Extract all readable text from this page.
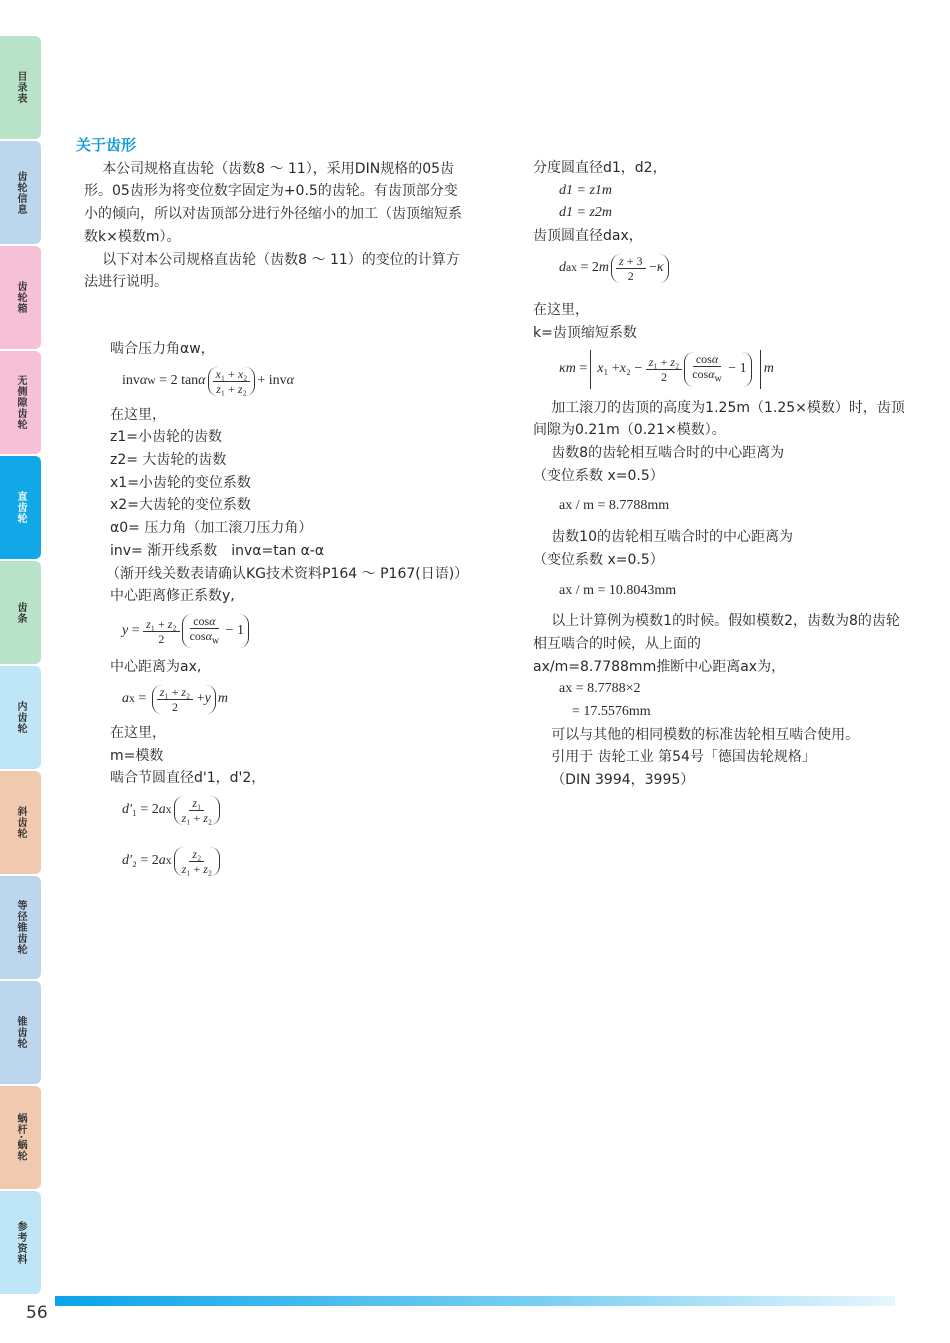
目录表
齿轮信息
齿轮箱
无侧隙齿轮
直齿轮
齿条
内齿轮
斜齿轮
等径锥齿轮
锥齿轮
蜗杆·蜗轮
参考资料
关于齿形

本公司规格直齿轮（齿数8 ～ 11），采用DIN规格的05齿形。05齿形为将变位数字固定为+0.5的齿轮。有齿顶部分变小的倾向，所以对齿顶部分进行外径缩小的加工（齿顶缩短系数k×模数m）。

以下对本公司规格直齿轮（齿数8 ～ 11）的变位的计算方法进行说明。

啮合压力角αw，
inv α w = 2 tan α $\frac{\text{x₁ + x₂}}{\text{z₁ + z₂}}$ + inv α
在这里，
z1=小齿轮的齿数
z2= 大齿轮的齿数
x1=小齿轮的变位系数
x2=大齿轮的变位系数
α0= 压力角（加工滚刀压力角）
inv= 渐开线系数　invα=tan α-α
（渐开线关数表请确认KG技术资料P164 ～ P167(日语)）
中心距离修正系数y,
$y = \frac{\text{z₁ + z₂}}{2} \frac{\cos\alpha}{\cos\alpha_w} - 1$
中心距离为ax,
a $x = \frac{\text{z₁ + z₂}}{2} + y$ m
在这里，
m=模数
啮合节圆直径d'1，d'2，
d' ₁ = 2 a x $\frac{\text{z₁}}{\text{z₁ + z₂}}$
d' ₂ = 2 a x $\frac{\text{z₂}}{\text{z₁ + z₂}}$
分度圆直径d1，d2，
d1 = z1m
d1 = z2m
齿顶圆直径dax，
d ax = 2 m $\frac{z + 3}{2} - \kappa$
在这里，
k=齿顶缩短系数
κm = x ₁ + x $_2 - \frac{\text{z₁ + z₂}}{2} \frac{\cos\alpha}{\cos\alpha_w} - 1$	m

加工滚刀的齿顶的高度为1.25m（1.25×模数）时，齿顶间隙为0.21m（0.21×模数）。

齿数8的齿轮相互啮合时的中心距离为
（变位系数 x=0.5）
ax / m = 8.7788mm
齿数10的齿轮相互啮合时的中心距离为
（变位系数 x=0.5）
ax / m = 10.8043mm

以上计算例为模数1的时候。假如模数2，齿数为8的齿轮相互啮合的时候，从上面的

ax/m=8.7788mm推断中心距离ax为，
ax = 8.7788×2
= 17.5576mm
可以与其他的相同模数的标准齿轮相互啮合使用。
引用于 齿轮工业 第54号「德国齿轮规格」
（DIN 3994，3995）
56
